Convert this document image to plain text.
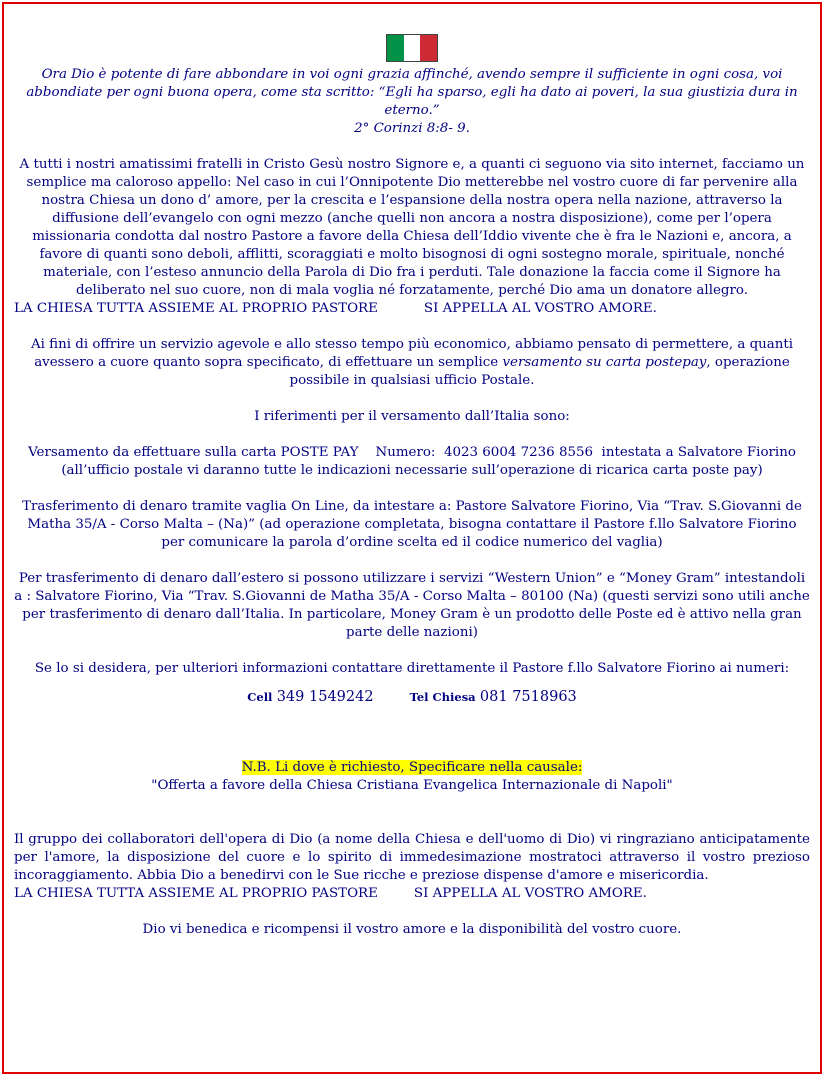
Ora Dio è potente di fare abbondare in voi ogni grazia affinché, avendo sempre il sufficiente in ogni cosa, voi abbondiate per ogni buona opera, come sta scritto: “Egli ha sparso, egli ha dato ai poveri, la sua giustizia dura in eterno.”

2° Corinzi 8:8- 9.

A tutti i nostri amatissimi fratelli in Cristo Gesù nostro Signore e, a quanti ci seguono via sito internet, facciamo un semplice ma caloroso appello: Nel caso in cui l’Onnipotente Dio metterebbe nel vostro cuore di far pervenire alla nostra Chiesa un dono d’ amore, per la crescita e l’espansione della nostra opera nella nazione, attraverso la diffusione dell’evangelo con ogni mezzo (anche quelli non ancora a nostra disposizione), come per l’opera missionaria condotta dal nostro Pastore a favore della Chiesa dell’Iddio vivente che è fra le Nazioni e, ancora, a favore di quanti sono deboli, afflitti, scoraggiati e molto bisognosi di ogni sostegno morale, spirituale, nonché materiale, con l’esteso annuncio della Parola di Dio fra i perduti. Tale donazione la faccia come il Signore ha deliberato nel suo cuore, non di mala voglia né forzatamente, perché Dio ama un donatore allegro.

LA CHIESA TUTTA ASSIEME AL PROPRIO PASTORE	SI APPELLA AL VOSTRO AMORE.

Ai fini di offrire un servizio agevole e allo stesso tempo più economico, abbiamo pensato di permettere, a quanti avessero a cuore quanto sopra specificato, di effettuare un semplice versamento su carta postepay, operazione possibile in qualsiasi ufficio Postale.

I riferimenti per il versamento dall’Italia sono:

Versamento da effettuare sulla carta POSTE PAY    Numero:  4023 6004 7236 8556  intestata a Salvatore Fiorino

(all’ufficio postale vi daranno tutte le indicazioni necessarie sull’operazione di ricarica carta poste pay)

Trasferimento di denaro tramite vaglia On Line, da intestare a: Pastore Salvatore Fiorino, Via “Trav. S.Giovanni de Matha 35/A - Corso Malta – (Na)” (ad operazione completata, bisogna contattare il Pastore f.llo Salvatore Fiorino per comunicare la parola d’ordine scelta ed il codice numerico del vaglia)

Per trasferimento di denaro dall’estero si possono utilizzare i servizi “Western Union” e “Money Gram” intestandoli a : Salvatore Fiorino, Via “Trav. S.Giovanni de Matha 35/A - Corso Malta – 80100 (Na) (questi servizi sono utili anche per trasferimento di denaro dall’Italia. In particolare, Money Gram è un prodotto delle Poste ed è attivo nella gran parte delle nazioni)

Se lo si desidera, per ulteriori informazioni contattare direttamente il Pastore f.llo Salvatore Fiorino ai numeri:

Cell 349 1549242	Tel Chiesa 081 7518963

N.B. Li dove è richiesto, Specificare nella causale:

"Offerta a favore della Chiesa Cristiana Evangelica Internazionale di Napoli"

Il gruppo dei collaboratori dell'opera di Dio (a nome della Chiesa e dell'uomo di Dio) vi ringraziano anticipatamente per l'amore, la disposizione del cuore e lo spirito di immedesimazione mostratoci attraverso il vostro prezioso incoraggiamento. Abbia Dio a benedirvi con le Sue ricche e preziose dispense d'amore e misericordia.

LA CHIESA TUTTA ASSIEME AL PROPRIO PASTORE	SI APPELLA AL VOSTRO AMORE.

Dio vi benedica e ricompensi il vostro amore e la disponibilità del vostro cuore.
